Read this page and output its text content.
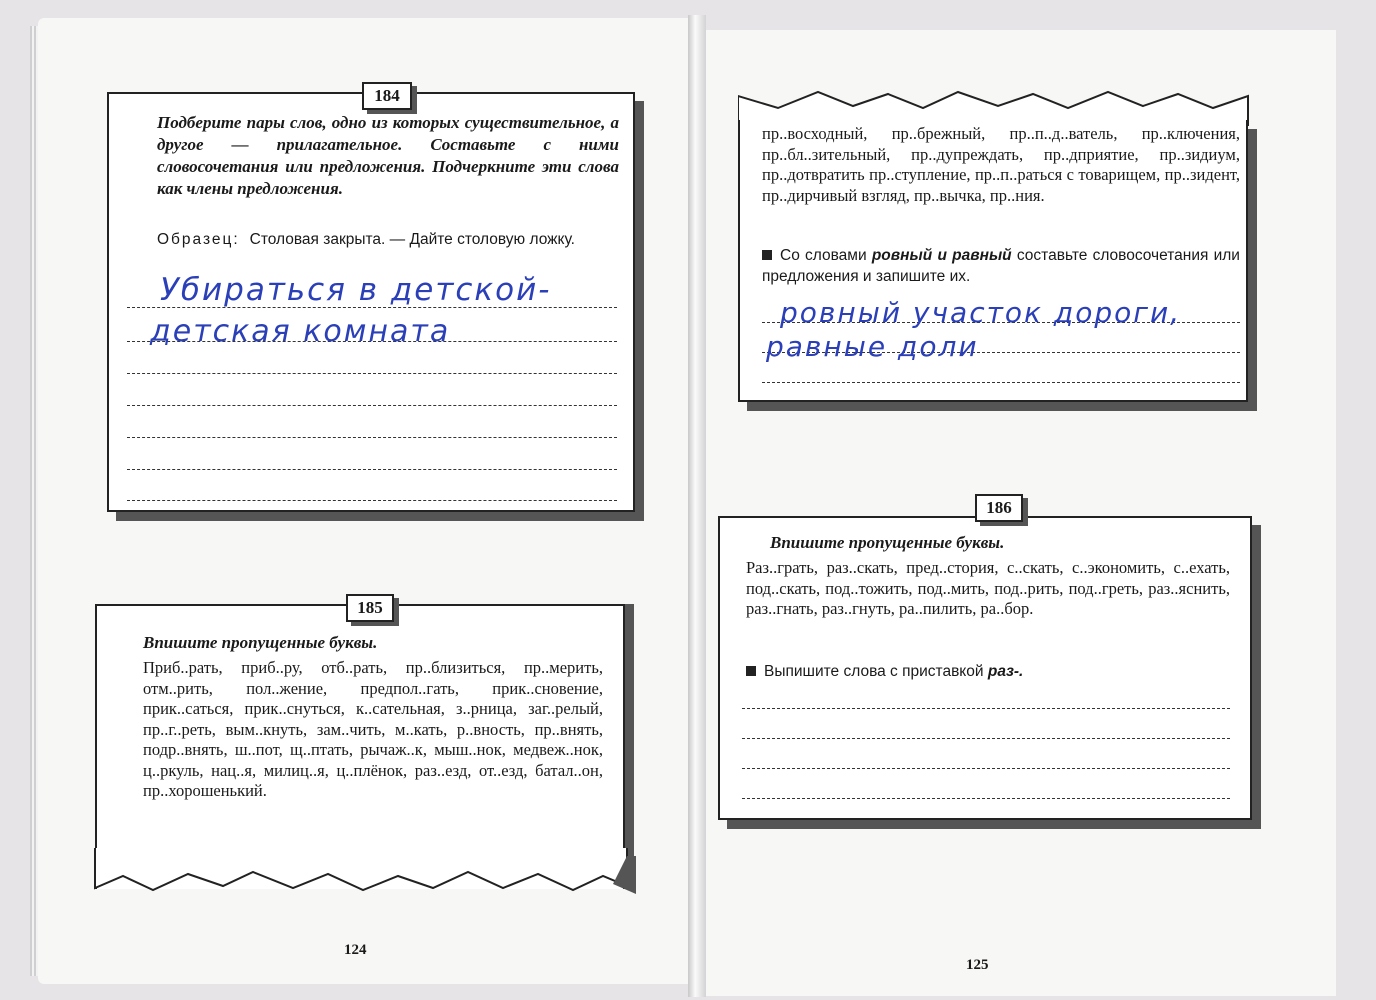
184
Подберите пары слов, одно из которых существительное, а другое — прилагательное. Составьте с ними словосочетания или предложения. Подчеркните эти слова как члены предложения.
Образец: Столовая закрыта. — Дайте столовую ложку.
Убираться в детской-
детская комната
185
Впишите пропущенные буквы.
Приб..рать, приб..ру, отб..рать, пр..близиться, пр..мерить, отм..рить, пол..жение, предпол..гать, прик..сновение, прик..саться, прик..снуться, к..сательная, з..рница, заг..релый, пр..г..реть, вым..кнуть, зам..чить, м..кать, р..вность, пр..внять, подр..внять, ш..пот, щ..птать, рычаж..к, мыш..нок, медвеж..нок, ц..ркуль, нац..я, милиц..я, ц..плёнок, раз..езд, от..езд, батал..он, пр..хорошенький.
124
пр..восходный, пр..брежный, пр..п..д..ватель, пр..ключения, пр..бл..зительный, пр..дупреждать, пр..дприятие, пр..зидиум, пр..дотвратить пр..ступление, пр..п..раться с товарищем, пр..зидент, пр..дирчивый взгляд, пр..вычка, пр..ния.
Со словами ровный и равный составьте словосочетания или предложения и запишите их.
ровный участок дороги,
равные доли
186
Впишите пропущенные буквы.
Раз..грать, раз..скать, пред..стория, с..скать, с..экономить, с..ехать, под..скать, под..тожить, под..мить, под..рить, под..греть, раз..яснить, раз..гнать, раз..гнуть, ра..пилить, ра..бор.
Выпишите слова с приставкой раз-.
125
